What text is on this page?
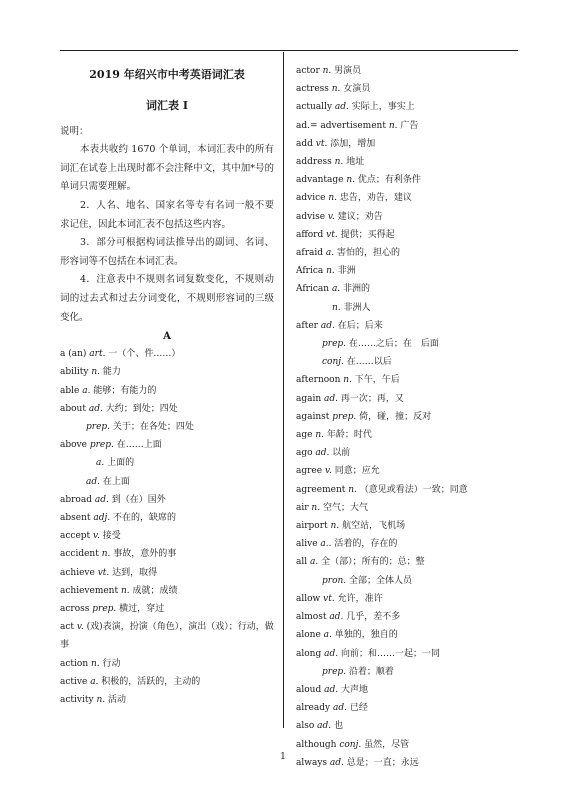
2019 年绍兴市中考英语词汇表
词汇表 I
说明：

本表共收约 1670 个单词，本词汇表中的所有词汇在试卷上出现时都不会注释中文，其中加*号的单词只需要理解。

2．人名、地名、国家名等专有名词一般不要求记住，因此本词汇表不包括这些内容。

3．部分可根据构词法推导出的副词、名词、形容词等不包括在本词汇表。

4．注意表中不规则名词复数变化，不规则动词的过去式和过去分词变化，不规则形容词的三级变化。

A
a (an) art. 一（个、件……）
ability n. 能力
able a. 能够；有能力的
about ad. 大约；到处；四处
prep. 关于；在各处；四处
above prep. 在……上面
a. 上面的
ad. 在上面
abroad ad. 到（在）国外
absent adj. 不在的，缺席的
accept v. 接受
accident n. 事故，意外的事
achieve vt. 达到，取得
achievement n. 成就；成绩
across prep. 横过，穿过
act v. (戏)表演，扮演（角色），演出（戏）；行动，做事
action n. 行动
active a. 积极的，活跃的，主动的
activity n. 活动
actor n. 男演员
actress n. 女演员
actually ad. 实际上，事实上
ad.= advertisement n. 广告
add vt. 添加，增加
address n. 地址
advantage n. 优点；有利条件
advice n. 忠告，劝告，建议
advise v. 建议；劝告
afford vt. 提供；买得起
afraid a. 害怕的，担心的
Africa n. 非洲
African a. 非洲的
n. 非洲人
after ad. 在后；后来
prep. 在……之后；在　后面
conj. 在……以后
afternoon n. 下午，午后
again ad. 再一次；再，又
against prep. 倚，碰，撞；反对
age n. 年龄；时代
ago ad. 以前
agree v. 同意；应允
agreement n. （意见或看法）一致；同意
air n. 空气；大气
airport n. 航空站，飞机场
alive a.. 活着的，存在的
all a. 全（部）；所有的；总；整
pron. 全部；全体人员
allow vt. 允许，准许
almost ad. 几乎，差不多
alone a. 单独的，独自的
along ad. 向前；和……一起；一同
prep. 沿着；顺着
aloud ad. 大声地
already ad. 已经
also ad. 也
although conj. 虽然，尽管
always ad. 总是；一直；永远
1
